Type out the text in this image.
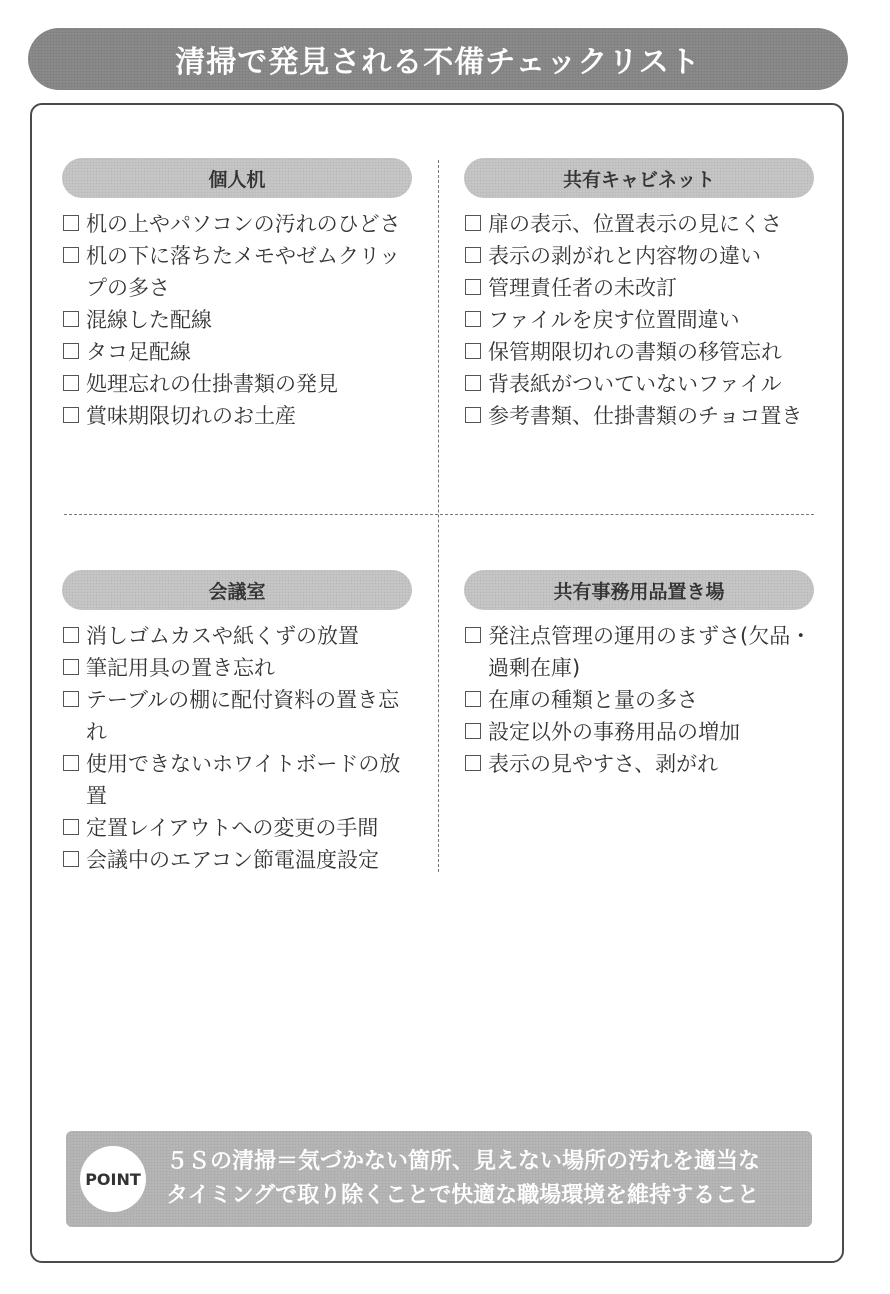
清掃で発見される不備チェックリスト
個人机
机の上やパソコンの汚れのひどさ
机の下に落ちたメモやゼムクリップの多さ
混線した配線
タコ足配線
処理忘れの仕掛書類の発見
賞味期限切れのお土産
共有キャビネット
扉の表示、位置表示の見にくさ
表示の剥がれと内容物の違い
管理責任者の未改訂
ファイルを戻す位置間違い
保管期限切れの書類の移管忘れ
背表紙がついていないファイル
参考書類、仕掛書類のチョコ置き
会議室
消しゴムカスや紙くずの放置
筆記用具の置き忘れ
テーブルの棚に配付資料の置き忘れ
使用できないホワイトボードの放置
定置レイアウトへの変更の手間
会議中のエアコン節電温度設定
共有事務用品置き場
発注点管理の運用のまずさ(欠品・過剰在庫)
在庫の種類と量の多さ
設定以外の事務用品の増加
表示の見やすさ、剥がれ
POINT
５Ｓの清掃＝気づかない箇所、見えない場所の汚れを適当な
タイミングで取り除くことで快適な職場環境を維持すること
